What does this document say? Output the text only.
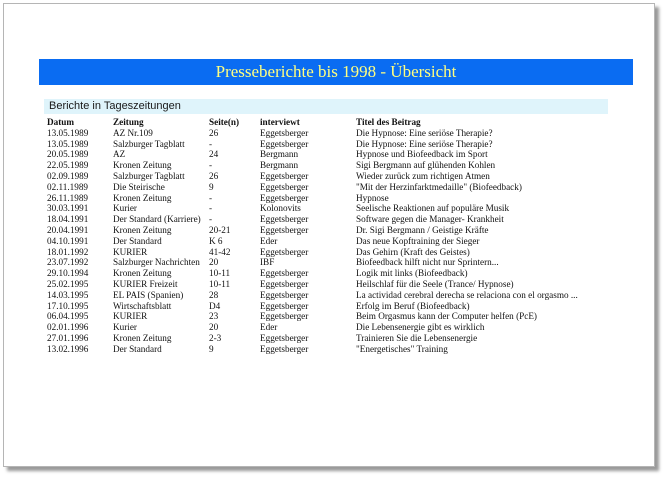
Presseberichte bis 1998 - Übersicht
Berichte in Tageszeitungen
Datum	Zeitung	Seite(n)	interviewt	Titel des Beitrag
13.05.1989	AZ Nr.109	26	Eggetsberger	Die Hypnose: Eine seriöse Therapie?
13.05.1989	Salzburger Tagblatt	-	Eggetsberger	Die Hypnose: Eine seriöse Therapie?
20.05.1989	AZ	24	Bergmann	Hypnose und Biofeedback im Sport
22.05.1989	Kronen Zeitung	-	Bergmann	Sigi Bergmann auf glühenden Kohlen
02.09.1989	Salzburger Tagblatt	26	Eggetsberger	Wieder zurück zum richtigen Atmen
02.11.1989	Die Steirische	9	Eggetsberger	"Mit der Herzinfarktmedaille" (Biofeedback)
26.11.1989	Kronen Zeitung	-	Eggetsberger	Hypnose
30.03.1991	Kurier	-	Kolonovits	Seelische Reaktionen auf populäre Musik
18.04.1991	Der Standard (Karriere)	-	Eggetsberger	Software gegen die Manager- Krankheit
20.04.1991	Kronen Zeitung	20-21	Eggetsberger	Dr. Sigi Bergmann / Geistige Kräfte
04.10.1991	Der Standard	K 6	Eder	Das neue Kopftraining der Sieger
18.01.1992	KURIER	41-42	Eggetsberger	Das Gehirn (Kraft des Geistes)
23.07.1992	Salzburger Nachrichten	20	IBF	Biofeedback hilft nicht nur Sprintern...
29.10.1994	Kronen Zeitung	10-11	Eggetsberger	Logik mit links (Biofeedback)
25.02.1995	KURIER Freizeit	10-11	Eggetsberger	Heilschlaf für die Seele (Trance/ Hypnose)
14.03.1995	EL PAIS (Spanien)	28	Eggetsberger	La actividad cerebral derecha se relaciona con el orgasmo ...
17.10.1995	Wirtschaftsblatt	D4	Eggetsberger	Erfolg im Beruf (Biofeedback)
06.04.1995	KURIER	23	Eggetsberger	Beim Orgasmus kann der Computer helfen (PcE)
02.01.1996	Kurier	20	Eder	Die Lebensenergie gibt es wirklich
27.01.1996	Kronen Zeitung	2-3	Eggetsberger	Trainieren Sie die Lebensenergie
13.02.1996	Der Standard	9	Eggetsberger	"Energetisches" Training
